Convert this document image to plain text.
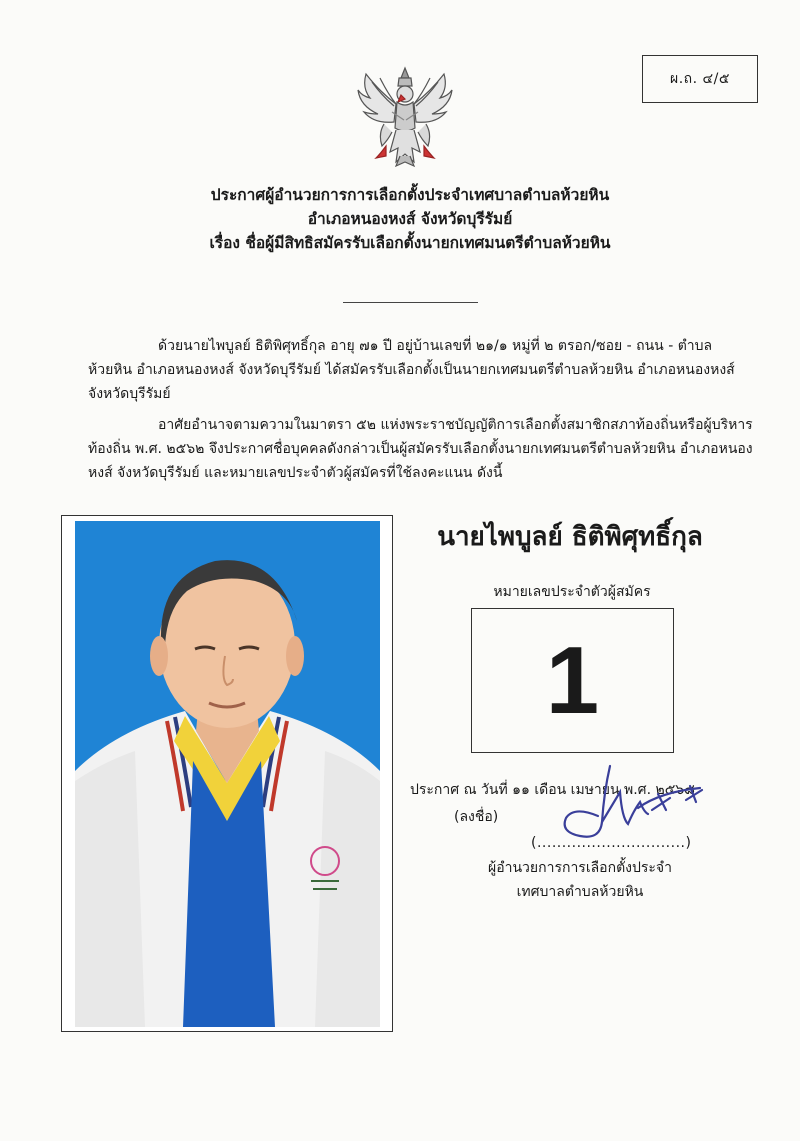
ผ.ถ. ๔/๕
ประกาศผู้อำนวยการการเลือกตั้งประจำเทศบาลตำบลห้วยหิน
อำเภอหนองหงส์ จังหวัดบุรีรัมย์
เรื่อง ชื่อผู้มีสิทธิสมัครรับเลือกตั้งนายกเทศมนตรีตำบลห้วยหิน
ด้วยนายไพบูลย์ ธิติพิศุทธิ์กุล อายุ ๗๑ ปี อยู่บ้านเลขที่ ๒๑/๑ หมู่ที่ ๒ ตรอก/ซอย - ถนน - ตำบล
ห้วยหิน อำเภอหนองหงส์ จังหวัดบุรีรัมย์ ได้สมัครรับเลือกตั้งเป็นนายกเทศมนตรีตำบลห้วยหิน อำเภอหนองหงส์
จังหวัดบุรีรัมย์
อาศัยอำนาจตามความในมาตรา ๕๒ แห่งพระราชบัญญัติการเลือกตั้งสมาชิกสภาท้องถิ่นหรือผู้บริหาร
ท้องถิ่น พ.ศ. ๒๕๖๒ จึงประกาศชื่อบุคคลดังกล่าวเป็นผู้สมัครรับเลือกตั้งนายกเทศมนตรีตำบลห้วยหิน อำเภอหนอง
หงส์ จังหวัดบุรีรัมย์ และหมายเลขประจำตัวผู้สมัครที่ใช้ลงคะแนน ดังนี้
นายไพบูลย์ ธิติพิศุทธิ์กุล
หมายเลขประจำตัวผู้สมัคร
1
ประกาศ ณ วันที่ ๑๑ เดือน เมษายน พ.ศ. ๒๕๖๘
(ลงชื่อ)
(..............................)
ผู้อำนวยการการเลือกตั้งประจำ
เทศบาลตำบลห้วยหิน
